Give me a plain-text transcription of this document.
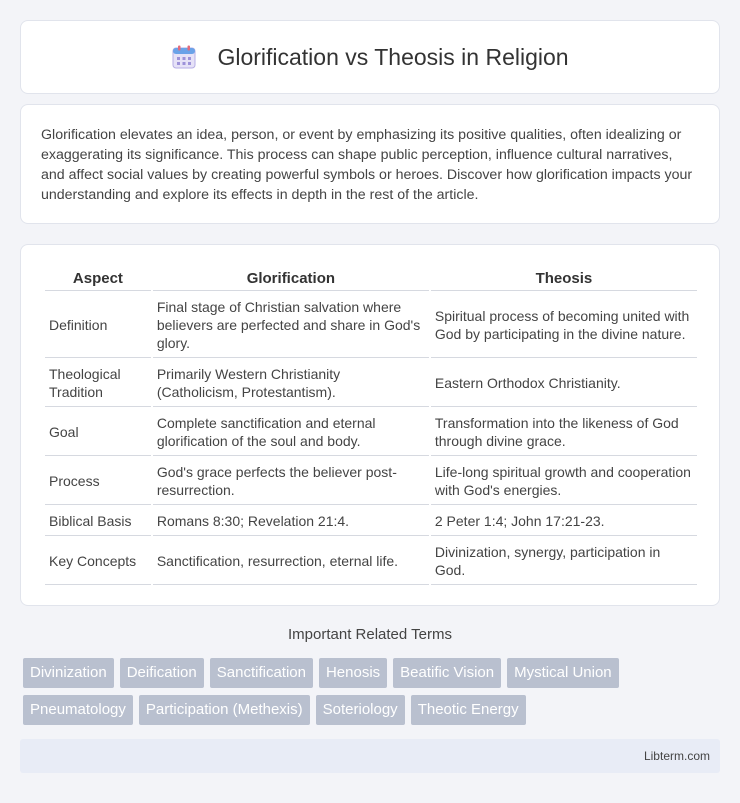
Glorification vs Theosis in Religion

Glorification elevates an idea, person, or event by emphasizing its positive qualities, often idealizing or exaggerating its significance. This process can shape public perception, influence cultural narratives, and affect social values by creating powerful symbols or heroes. Discover how glorification impacts your understanding and explore its effects in depth in the rest of the article.

Aspect	Glorification	Theosis
Definition	Final stage of Christian salvation where believers are perfected and share in God's glory.	Spiritual process of becoming united with God by participating in the divine nature.
Theological Tradition	Primarily Western Christianity (Catholicism, Protestantism).	Eastern Orthodox Christianity.
Goal	Complete sanctification and eternal glorification of the soul and body.	Transformation into the likeness of God through divine grace.
Process	God's grace perfects the believer post-resurrection.	Life-long spiritual growth and cooperation with God's energies.
Biblical Basis	Romans 8:30; Revelation 21:4.	2 Peter 1:4; John 17:21-23.
Key Concepts	Sanctification, resurrection, eternal life.	Divinization, synergy, participation in God.
Important Related Terms
Divinization	Deification	Sanctification	Henosis	Beatific Vision	Mystical Union
Pneumatology	Participation (Methexis)	Soteriology	Theotic Energy
Libterm.com
